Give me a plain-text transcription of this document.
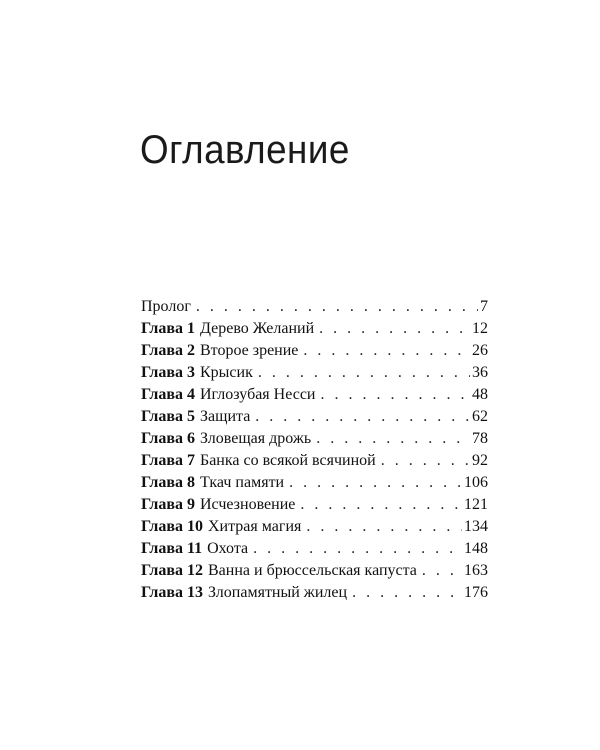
Оглавление
Пролог . . .	7
Глава 1 Дерево Желаний . . .	12
Глава 2 Второе зрение . . .	26
Глава 3 Крысик . . .	36
Глава 4 Иглозубая Несси . . .	48
Глава 5 Защита . . .	62
Глава 6 Зловещая дрожь . . .	78
Глава 7 Банка со всякой всячиной . . .	92
Глава 8 Ткач памяти . . .	106
Глава 9 Исчезновение . . .	121
Глава 10 Хитрая магия . . .	134
Глава 11 Охота . . .	148
Глава 12 Ванна и брюссельская капуста . . .	163
Глава 13 Злопамятный жилец . . .	176
